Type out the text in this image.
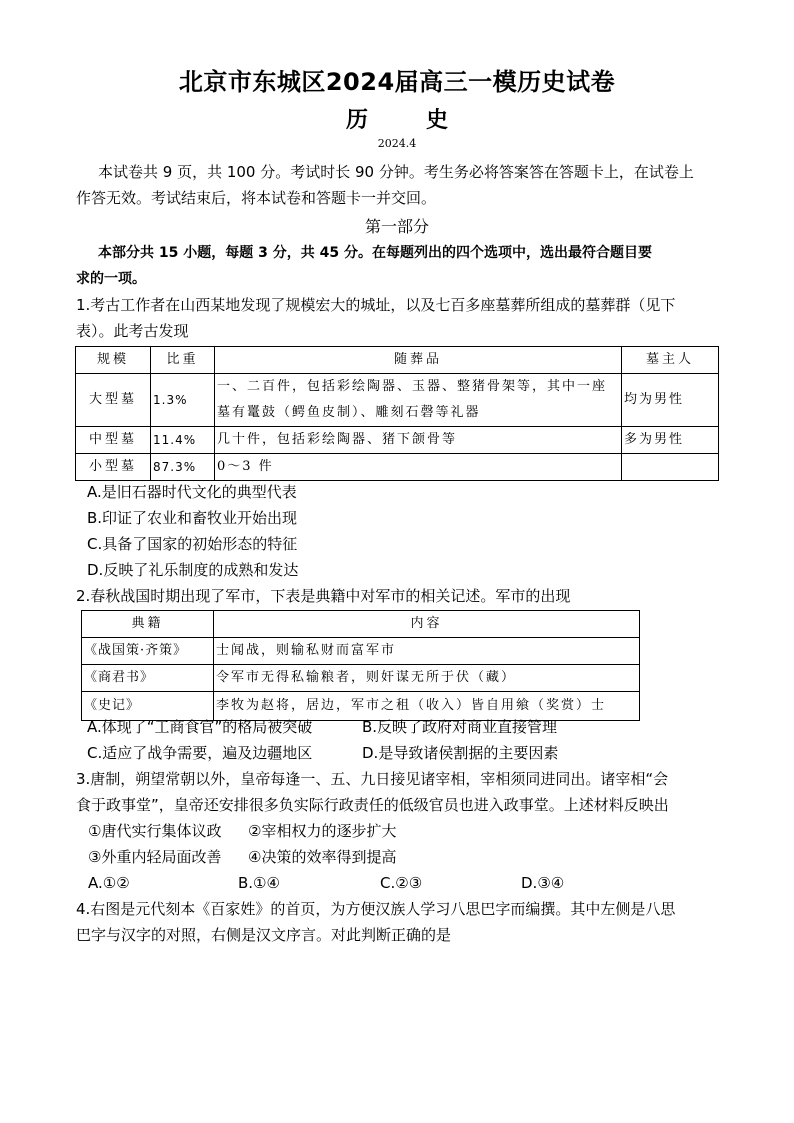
北京市东城区2024届高三一模历史试卷
历	史
2024.4
本试卷共 9 页，共 100 分。考试时长 90 分钟。考生务必将答案答在答题卡上，在试卷上
作答无效。考试结束后，将本试卷和答题卡一并交回。
第一部分
本部分共 15 小题，每题 3 分，共 45 分。在每题列出的四个选项中，选出最符合题目要
求的一项。
1.考古工作者在山西某地发现了规模宏大的城址，以及七百多座墓葬所组成的墓葬群（见下
表）。此考古发现
规模	比重	随葬品	墓主人
大型墓	1.3%	一、二百件，包括彩绘陶器、玉器、整猪骨架等，其中一座墓有鼍鼓（鳄鱼皮制）、雕刻石磬等礼器	均为男性
中型墓	11.4%	几十件，包括彩绘陶器、猪下颌骨等	多为男性
小型墓	87.3%	0～3 件	
A.是旧石器时代文化的典型代表
B.印证了农业和畜牧业开始出现
C.具备了国家的初始形态的特征
D.反映了礼乐制度的成熟和发达
2.春秋战国时期出现了军市，下表是典籍中对军市的相关记述。军市的出现
典籍	内容
《战国策·齐策》	士闻战，则输私财而富军市
《商君书》	令军市无得私输粮者，则奸谋无所于伏（藏）
《史记》	李牧为赵将，居边，军市之租（收入）皆自用飨（奖赏）士
A.体现了“工商食官”的格局被突破	B.反映了政府对商业直接管理
C.适应了战争需要，遍及边疆地区	D.是导致诸侯割据的主要因素
3.唐制，朔望常朝以外，皇帝每逢一、五、九日接见诸宰相，宰相须同进同出。诸宰相“会
食于政事堂”，皇帝还安排很多负实际行政责任的低级官员也进入政事堂。上述材料反映出
①唐代实行集体议政 ②宰相权力的逐步扩大
③外重内轻局面改善 ④决策的效率得到提高
A.①②	B.①④	C.②③	D.③④
4.右图是元代刻本《百家姓》的首页，为方便汉族人学习八思巴字而编撰。其中左侧是八思
巴字与汉字的对照，右侧是汉文序言。对此判断正确的是
